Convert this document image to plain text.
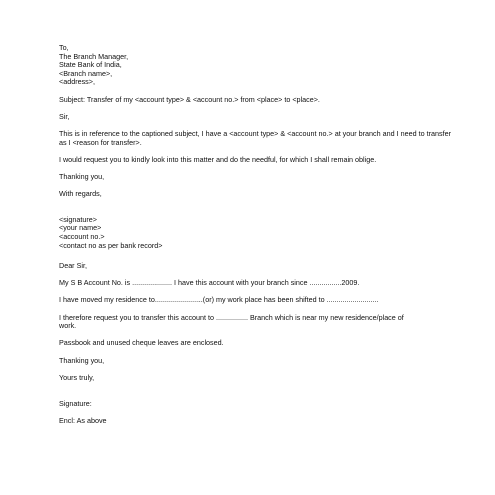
To,
The Branch Manager,
State Bank of India,
<Branch name>,
<address>,
Subject: Transfer of my <account type> & <account no.> from <place> to <place>.
Sir,
This is in reference to the captioned subject, I have a <account type> & <account no.> at your branch and I need to transfer as I <reason for transfer>.
I would request you to kindly look into this matter and do the needful, for which I shall remain oblige.
Thanking you,
With regards,
<signature>
<your name>
<account no.>
<contact no as per bank record>
Dear Sir,
My S B Account No. is .................... I have this account with your branch since ................2009.
I have moved my residence to........................(or) my work place has been shifted to ..........................
I therefore request you to transfer this account to ................ Branch which is near my new residence/place of work.
Passbook and unused cheque leaves are enclosed.
Thanking you,
Yours truly,
Signature:
Encl: As above
